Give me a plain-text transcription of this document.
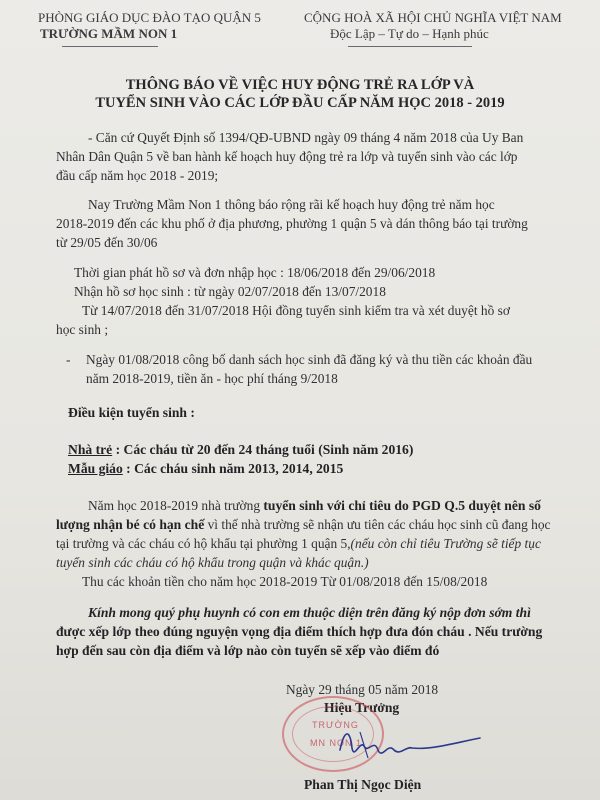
PHÒNG GIÁO DỤC ĐÀO TẠO QUẬN 5
TRƯỜNG MẦM NON 1
CỘNG HOÀ XÃ HỘI CHỦ NGHĨA VIỆT NAM
Độc Lập – Tự do – Hạnh phúc
THÔNG BÁO VỀ VIỆC HUY ĐỘNG TRẺ RA LỚP VÀ
TUYỂN SINH VÀO CÁC LỚP ĐẦU CẤP NĂM HỌC 2018 - 2019
- Căn cứ Quyết Định số 1394/QĐ-UBND ngày 09 tháng 4 năm 2018 của Uy Ban
Nhân Dân Quận 5 về ban hành kế hoạch huy động trẻ ra lớp và tuyển sinh vào các lớp
đầu cấp năm học 2018 - 2019;
Nay Trường Mầm Non 1 thông báo rộng rãi kế hoạch huy động trẻ năm học
2018-2019 đến các khu phố ở địa phương, phường 1 quận 5 và dán thông báo tại trường
từ 29/05 đến 30/06
Thời gian phát hồ sơ và đơn nhập học : 18/06/2018 đến 29/06/2018
Nhận hồ sơ học sinh : từ ngày 02/07/2018 đến 13/07/2018
Từ 14/07/2018 đến 31/07/2018 Hội đồng tuyển sinh kiểm tra và xét duyệt hồ sơ
học sinh ;
- Ngày 01/08/2018 công bố danh sách học sinh đã đăng ký và thu tiền các khoản đầu
năm 2018-2019, tiền ăn - học phí tháng 9/2018
Điều kiện tuyển sinh :
Nhà trẻ : Các cháu từ 20 đến 24 tháng tuổi (Sinh năm 2016)
Mẫu giáo : Các cháu sinh năm 2013, 2014, 2015
Năm học 2018-2019 nhà trường tuyển sinh với chỉ tiêu do PGD Q.5 duyệt nên số
lượng nhận bé có hạn chế vì thế nhà trường sẽ nhận ưu tiên các cháu học sinh cũ đang học
tại trường và các cháu có hộ khẩu tại phường 1 quận 5,(nếu còn chỉ tiêu Trường sẽ tiếp tục
tuyển sinh các cháu có hộ khẩu trong quận và khác quận.)
Thu các khoản tiền cho năm học 2018-2019 Từ 01/08/2018 đến 15/08/2018
Kính mong quý phụ huynh có con em thuộc diện trên đăng ký nộp đơn sớm thì
được xếp lớp theo đúng nguyện vọng địa điểm thích hợp đưa đón cháu . Nếu trường
hợp đến sau còn địa điểm và lớp nào còn tuyển sẽ xếp vào điểm đó
Ngày 29 tháng 05 năm 2018
Hiệu Trưởng
TRƯỜNG
MN NON 1
Phan Thị Ngọc Diện
